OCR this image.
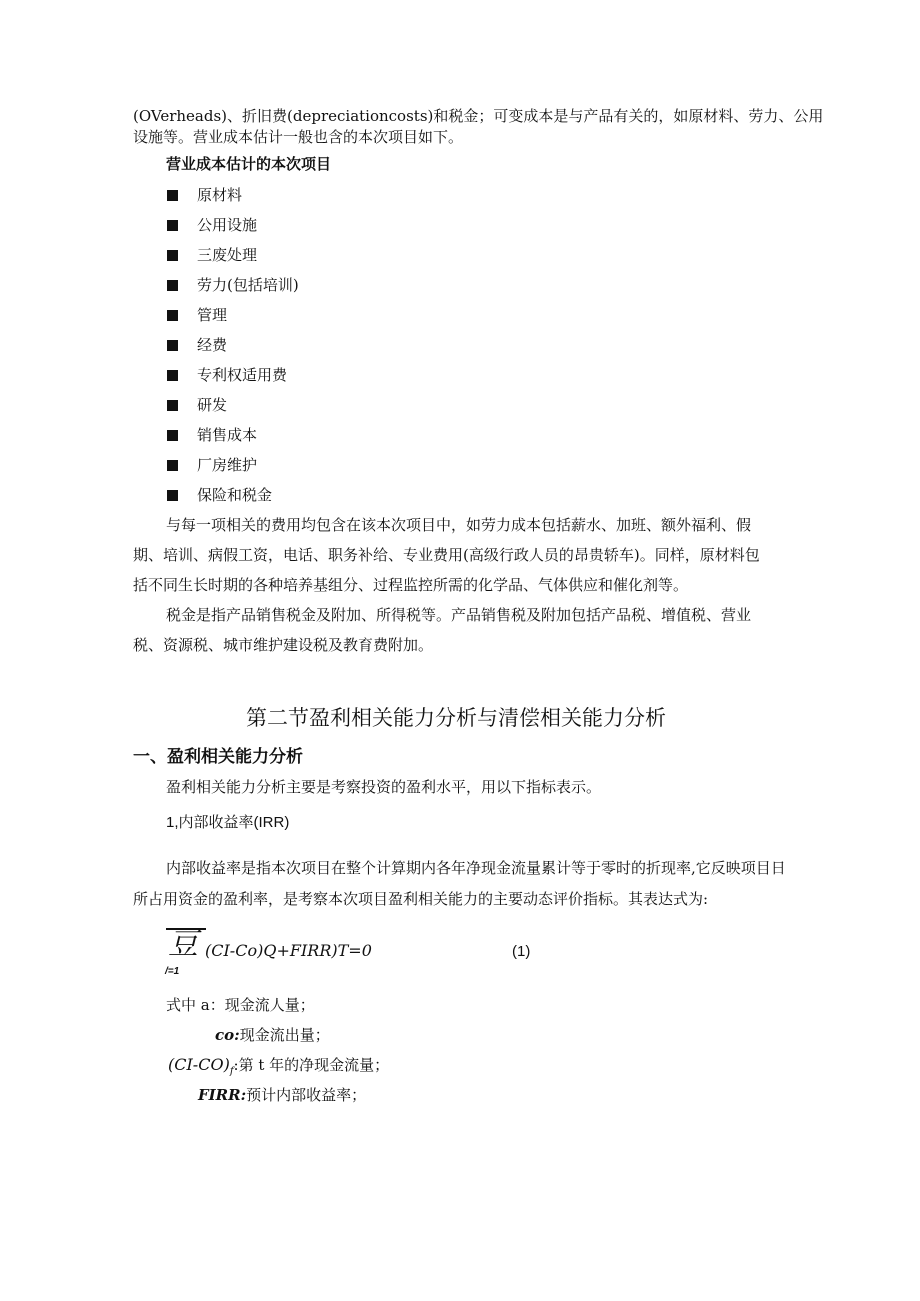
(OVerheads)、折旧费(depreciationcosts)和税金；可变成本是与产品有关的，如原材料、劳力、公用
设施等。营业成本估计一般也含的本次项目如下。
营业成本估计的本次项目
原材料
公用设施
三废处理
劳力(包括培训)
管理
经费
专利权适用费
研发
销售成本
厂房维护
保险和税金
与每一项相关的费用均包含在该本次项目中，如劳力成本包括薪水、加班、额外福利、假
期、培训、病假工资，电话、职务补给、专业费用(高级行政人员的昂贵轿车)。同样，原材料包
括不同生长时期的各种培养基组分、过程监控所需的化学品、气体供应和催化剂等。
税金是指产品销售税金及附加、所得税等。产品销售税及附加包括产品税、增值税、营业
税、资源税、城市维护建设税及教育费附加。
第二节盈利相关能力分析与清偿相关能力分析
一、盈利相关能力分析
盈利相关能力分析主要是考察投资的盈利水平，用以下指标表示。
1,内部收益率(IRR)
内部收益率是指本次项目在整个计算期内各年净现金流量累计等于零时的折现率,它反映项目日
所占用资金的盈利率，是考察本次项目盈利相关能力的主要动态评价指标。其表达式为:
豆 (CI-Co)Q+FIRR)T=0
/=1
(1)
式中 a：现金流人量；
co:现金流出量；
$(CI-CO)_f$:第 t 年的净现金流量；
FIRR:预计内部收益率；
